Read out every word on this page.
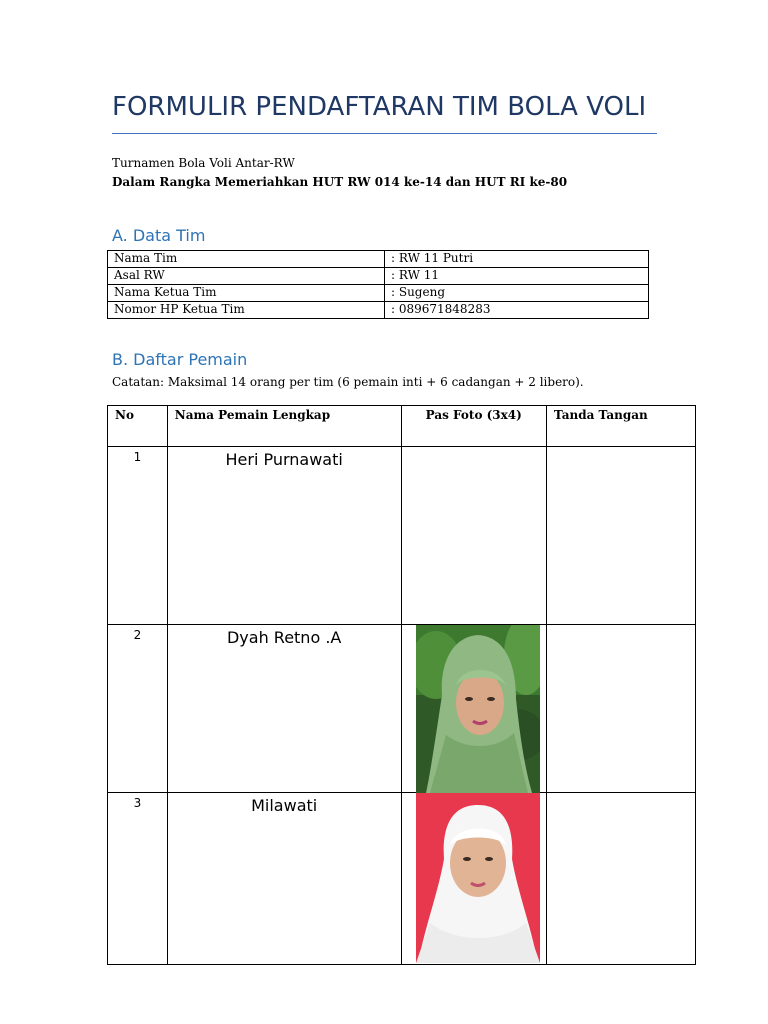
FORMULIR PENDAFTARAN TIM BOLA VOLI
Turnamen Bola Voli Antar-RW
Dalam Rangka Memeriahkan HUT RW 014 ke-14 dan HUT RI ke-80
A. Data Tim
Nama Tim	: RW 11 Putri
Asal RW	: RW 11
Nama Ketua Tim	: Sugeng
Nomor HP Ketua Tim	: 089671848283
B. Daftar Pemain
Catatan: Maksimal 14 orang per tim (6 pemain inti + 6 cadangan + 2 libero).
No	Nama Pemain Lengkap	Pas Foto (3x4)	Tanda Tangan

1	Heri Purnawati		

2	Dyah Retno .A

3	Milawati
